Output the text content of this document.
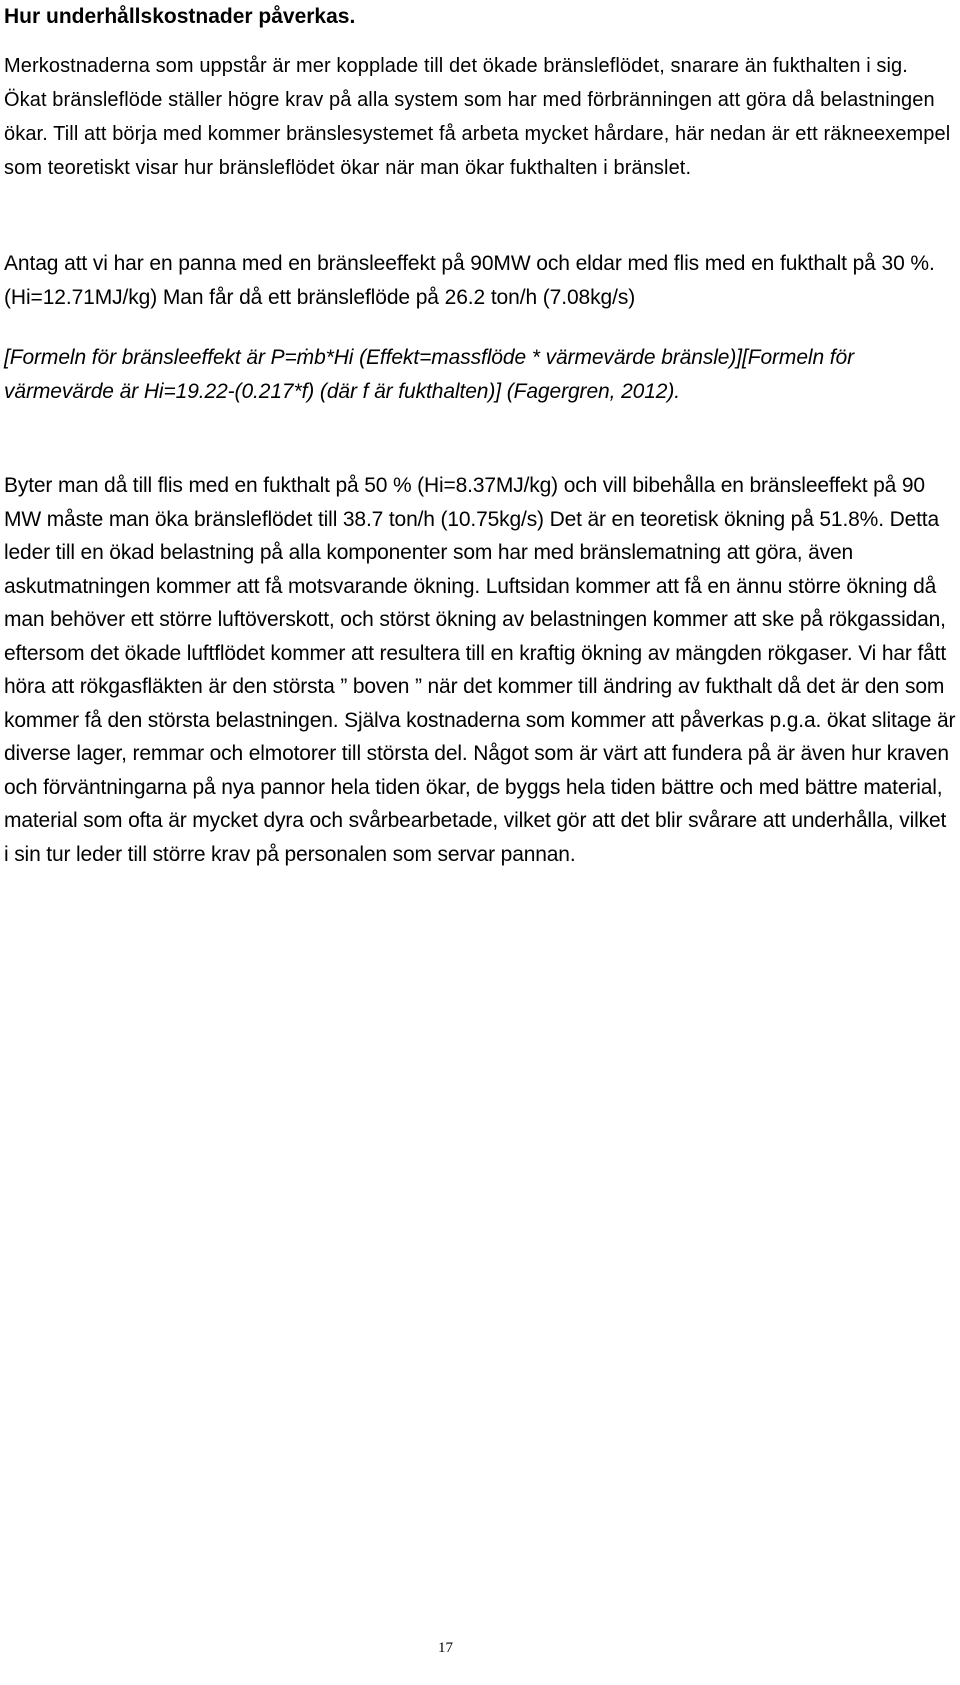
Hur underhållskostnader påverkas.

Merkostnaderna som uppstår är mer kopplade till det ökade bränsleflödet, snarare än fukthalten i sig. Ökat bränsleflöde ställer högre krav på alla system som har med förbränningen att göra då belastningen ökar. Till att börja med kommer bränslesystemet få arbeta mycket hårdare, här nedan är ett räkneexempel som teoretiskt visar hur bränsleflödet ökar när man ökar fukthalten i bränslet.

Antag att vi har en panna med en bränsleeffekt på 90MW och eldar med flis med en fukthalt på 30 %.(Hi=12.71MJ/kg) Man får då ett bränsleflöde på 26.2 ton/h (7.08kg/s)

[Formeln för bränsleeffekt är P=ṁb*Hi (Effekt=massflöde * värmevärde bränsle)][Formeln för värmevärde är Hi=19.22-(0.217*f) (där f är fukthalten)] (Fagergren, 2012).

Byter man då till flis med en fukthalt på 50 % (Hi=8.37MJ/kg) och vill bibehålla en bränsleeffekt på 90 MW måste man öka bränsleflödet till 38.7 ton/h (10.75kg/s) Det är en teoretisk ökning på 51.8%. Detta leder till en ökad belastning på alla komponenter som har med bränslematning att göra, även askutmatningen kommer att få motsvarande ökning. Luftsidan kommer att få en ännu större ökning då man behöver ett större luftöverskott, och störst ökning av belastningen kommer att ske på rökgassidan, eftersom det ökade luftflödet kommer att resultera till en kraftig ökning av mängden rökgaser. Vi har fått höra att rökgasfläkten är den största ” boven ” när det kommer till ändring av fukthalt då det är den som kommer få den största belastningen. Själva kostnaderna som kommer att påverkas p.g.a. ökat slitage är diverse lager, remmar och elmotorer till största del. Något som är värt att fundera på är även hur kraven och förväntningarna på nya pannor hela tiden ökar, de byggs hela tiden bättre och med bättre material, material som ofta är mycket dyra och svårbearbetade, vilket gör att det blir svårare att underhålla, vilket i sin tur leder till större krav på personalen som servar pannan.

17
